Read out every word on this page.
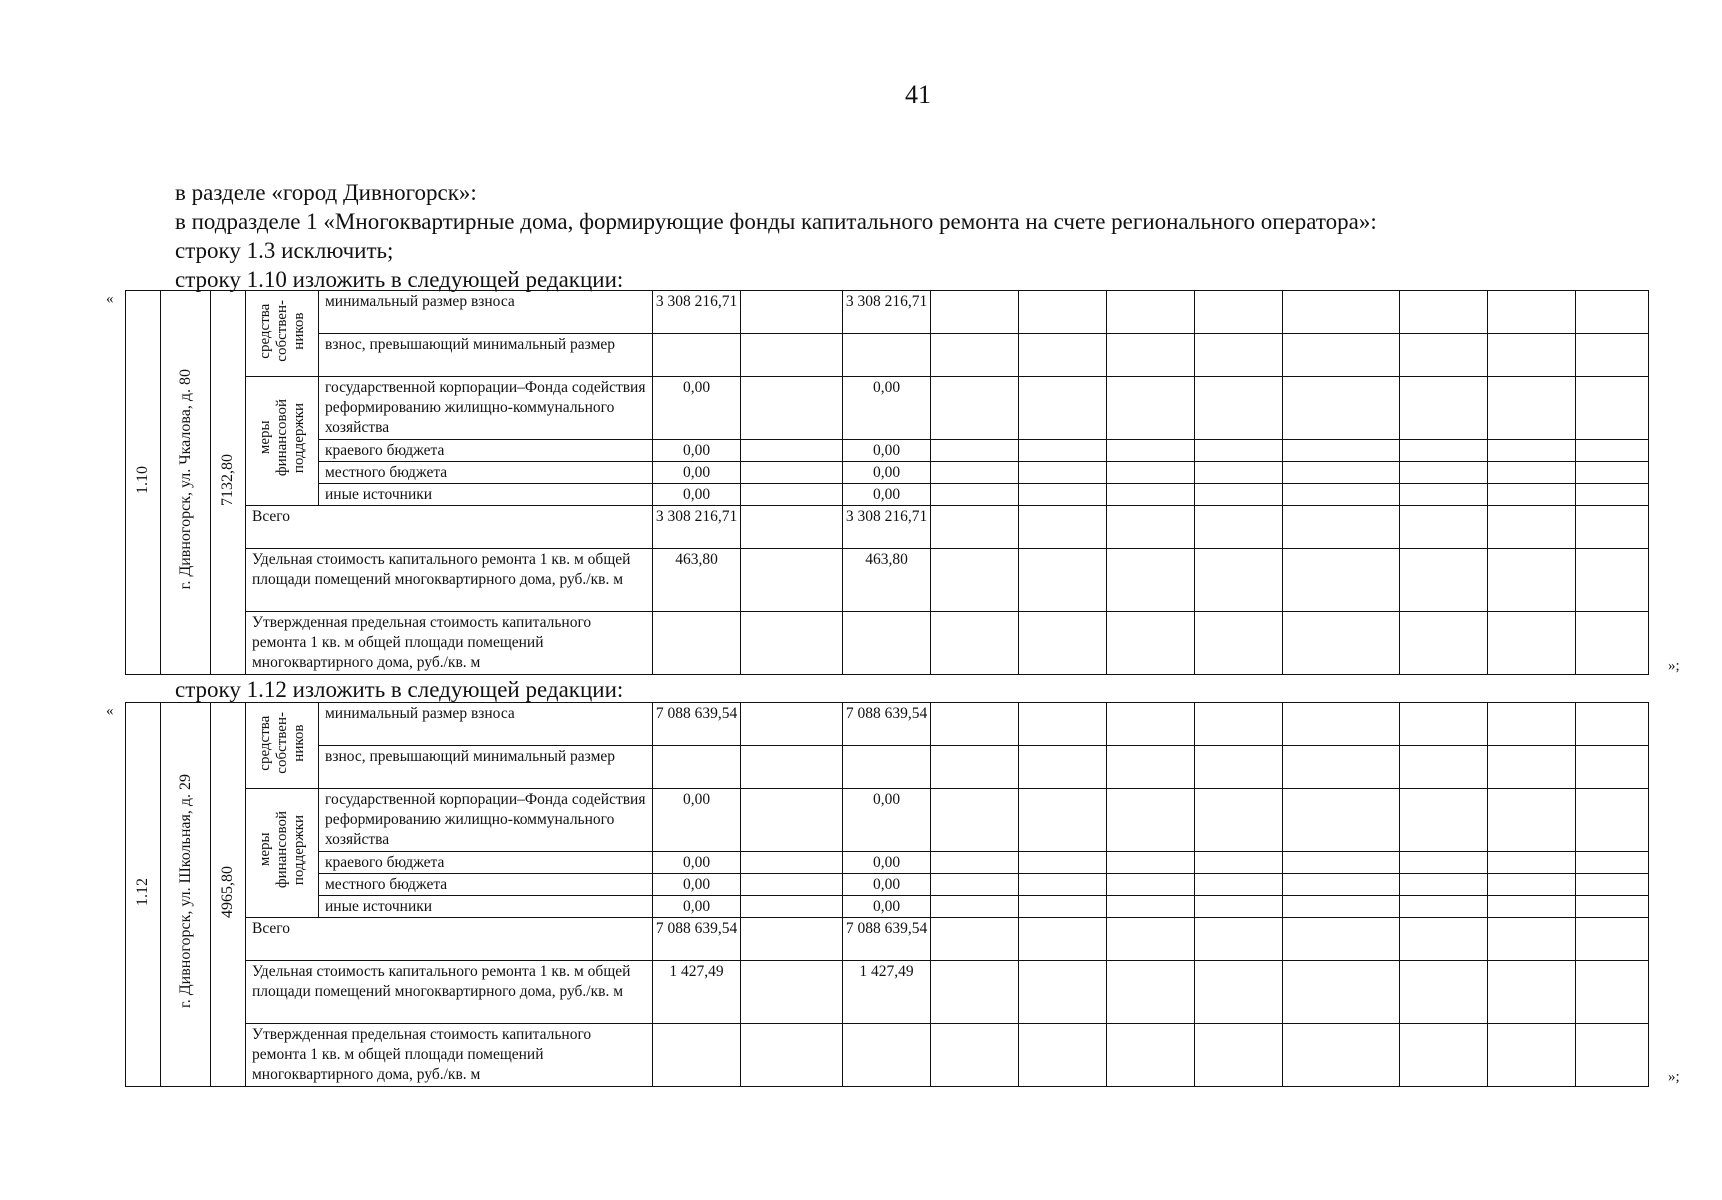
41
в разделе «город Дивногорск»:
в подразделе 1 «Многоквартирные дома, формирующие фонды капитального ремонта на счете регионального оператора»:
строку 1.3 исключить;
строку 1.10 изложить в следующей редакции:
«
»;
1.10	г. Дивногорск, ул. Чкалова, д. 80	7132,80	средства собствен- ников	минимальный размер взноса	3 308 216,71		3 308 216,71								
				взнос, превышающий минимальный размер											

			меры финансовой поддержки	государственной корпорации–Фонда содействия реформированию жилищно-коммунального хозяйства	0,00		0,00								
				краевого бюджета	0,00		0,00								
				местного бюджета	0,00		0,00								
				иные источники	0,00		0,00								
			Всего		3 308 216,71		3 308 216,71								
			Удельная стоимость капитального ремонта 1 кв. м общей площади помещений многоквартирного дома, руб./кв. м		463,80		463,80								
			Утвержденная предельная стоимость капитального ремонта 1 кв. м общей площади помещений многоквартирного дома, руб./кв. м												
строку 1.12 изложить в следующей редакции:
«
»;
1.12	г. Дивногорск, ул. Школьная, д. 29	4965,80	средства собствен- ников	минимальный размер взноса	7 088 639,54		7 088 639,54								
				взнос, превышающий минимальный размер											

			меры финансовой поддержки	государственной корпорации–Фонда содействия реформированию жилищно-коммунального хозяйства	0,00		0,00								
				краевого бюджета	0,00		0,00								
				местного бюджета	0,00		0,00								
				иные источники	0,00		0,00								
			Всего		7 088 639,54		7 088 639,54								
			Удельная стоимость капитального ремонта 1 кв. м общей площади помещений многоквартирного дома, руб./кв. м		1 427,49		1 427,49								
			Утвержденная предельная стоимость капитального ремонта 1 кв. м общей площади помещений многоквартирного дома, руб./кв. м												
